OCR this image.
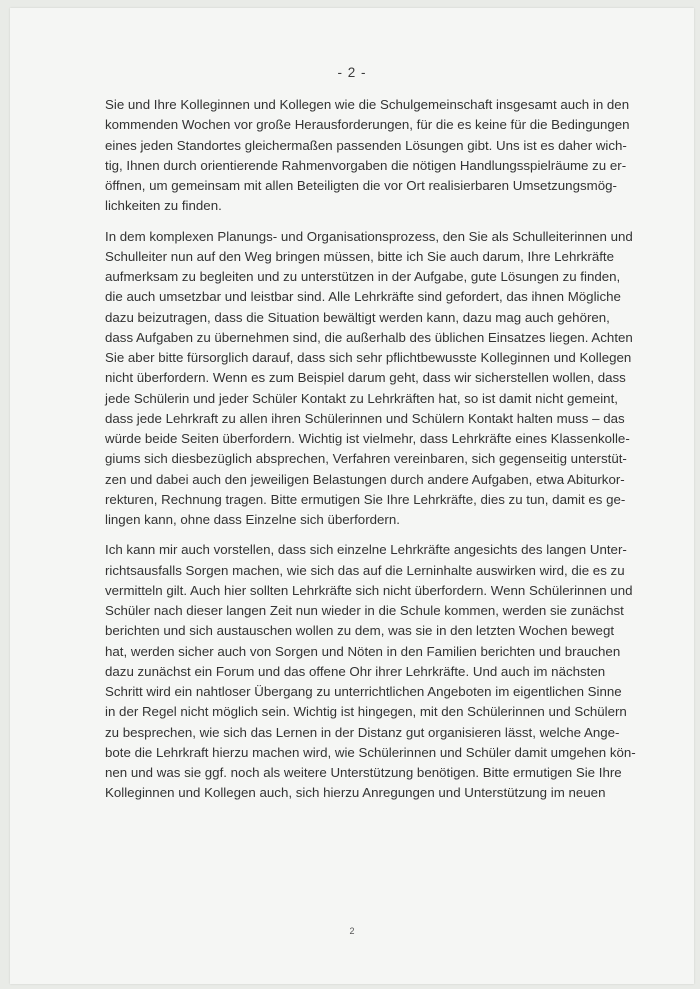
- 2 -

Sie und Ihre Kolleginnen und Kollegen wie die Schulgemeinschaft insgesamt auch in den
kommenden Wochen vor große Herausforderungen, für die es keine für die Bedingungen
eines jeden Standortes gleichermaßen passenden Lösungen gibt. Uns ist es daher wich-
tig, Ihnen durch orientierende Rahmenvorgaben die nötigen Handlungsspielräume zu er-
öffnen, um gemeinsam mit allen Beteiligten die vor Ort realisierbaren Umsetzungsmög-
lichkeiten zu finden.

In dem komplexen Planungs- und Organisationsprozess, den Sie als Schulleiterinnen und
Schulleiter nun auf den Weg bringen müssen, bitte ich Sie auch darum, Ihre Lehrkräfte
aufmerksam zu begleiten und zu unterstützen in der Aufgabe, gute Lösungen zu finden,
die auch umsetzbar und leistbar sind. Alle Lehrkräfte sind gefordert, das ihnen Mögliche
dazu beizutragen, dass die Situation bewältigt werden kann, dazu mag auch gehören,
dass Aufgaben zu übernehmen sind, die außerhalb des üblichen Einsatzes liegen. Achten
Sie aber bitte fürsorglich darauf, dass sich sehr pflichtbewusste Kolleginnen und Kollegen
nicht überfordern. Wenn es zum Beispiel darum geht, dass wir sicherstellen wollen, dass
jede Schülerin und jeder Schüler Kontakt zu Lehrkräften hat, so ist damit nicht gemeint,
dass jede Lehrkraft zu allen ihren Schülerinnen und Schülern Kontakt halten muss – das
würde beide Seiten überfordern. Wichtig ist vielmehr, dass Lehrkräfte eines Klassenkolle-
giums sich diesbezüglich absprechen, Verfahren vereinbaren, sich gegenseitig unterstüt-
zen und dabei auch den jeweiligen Belastungen durch andere Aufgaben, etwa Abiturkor-
rekturen, Rechnung tragen. Bitte ermutigen Sie Ihre Lehrkräfte, dies zu tun, damit es ge-
lingen kann, ohne dass Einzelne sich überfordern.

Ich kann mir auch vorstellen, dass sich einzelne Lehrkräfte angesichts des langen Unter-
richtsausfalls Sorgen machen, wie sich das auf die Lerninhalte auswirken wird, die es zu
vermitteln gilt. Auch hier sollten Lehrkräfte sich nicht überfordern. Wenn Schülerinnen und
Schüler nach dieser langen Zeit nun wieder in die Schule kommen, werden sie zunächst
berichten und sich austauschen wollen zu dem, was sie in den letzten Wochen bewegt
hat, werden sicher auch von Sorgen und Nöten in den Familien berichten und brauchen
dazu zunächst ein Forum und das offene Ohr ihrer Lehrkräfte. Und auch im nächsten
Schritt wird ein nahtloser Übergang zu unterrichtlichen Angeboten im eigentlichen Sinne
in der Regel nicht möglich sein. Wichtig ist hingegen, mit den Schülerinnen und Schülern
zu besprechen, wie sich das Lernen in der Distanz gut organisieren lässt, welche Ange-
bote die Lehrkraft hierzu machen wird, wie Schülerinnen und Schüler damit umgehen kön-
nen und was sie ggf. noch als weitere Unterstützung benötigen. Bitte ermutigen Sie Ihre
Kolleginnen und Kollegen auch, sich hierzu Anregungen und Unterstützung im neuen

2
